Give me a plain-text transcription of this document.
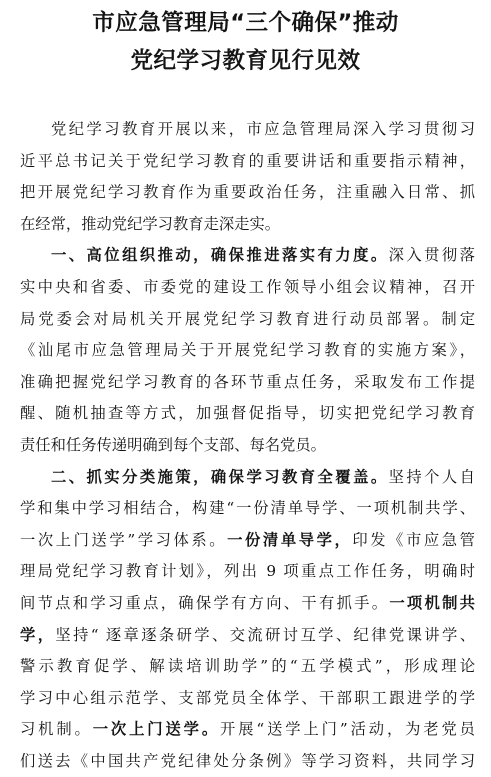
市应急管理局“三个确保”推动
党纪学习教育见行见效
党纪学习教育开展以来，市应急管理局深入学习贯彻习
近平总书记关于党纪学习教育的重要讲话和重要指示精神，
把开展党纪学习教育作为重要政治任务，注重融入日常、抓
在经常，推动党纪学习教育走深走实。
一、高位组织推动，确保推进落实有力度。深入贯彻落
实中央和省委、市委党的建设工作领导小组会议精神，召开
局党委会对局机关开展党纪学习教育进行动员部署。制定
《汕尾市应急管理局关于开展党纪学习教育的实施方案》，
准确把握党纪学习教育的各环节重点任务，采取发布工作提
醒、随机抽查等方式，加强督促指导，切实把党纪学习教育
责任和任务传递明确到每个支部、每名党员。
二、抓实分类施策，确保学习教育全覆盖。坚持个人自
学和集中学习相结合，构建“一份清单导学、一项机制共学、
一次上门送学”学习体系。一份清单导学，印发《市应急管
理局党纪学习教育计划》，列出 9 项重点工作任务，明确时
间节点和学习重点，确保学有方向、干有抓手。一项机制共
学，坚持“ 逐章逐条研学、交流研讨互学、纪律党课讲学、
警示教育促学、解读培训助学”的“五学模式”，形成理论
学习中心组示范学、支部党员全体学、干部职工跟进学的学
习机制。一次上门送学。开展“送学上门”活动，为老党员
们送去《中国共产党纪律处分条例》等学习资料，共同学习
